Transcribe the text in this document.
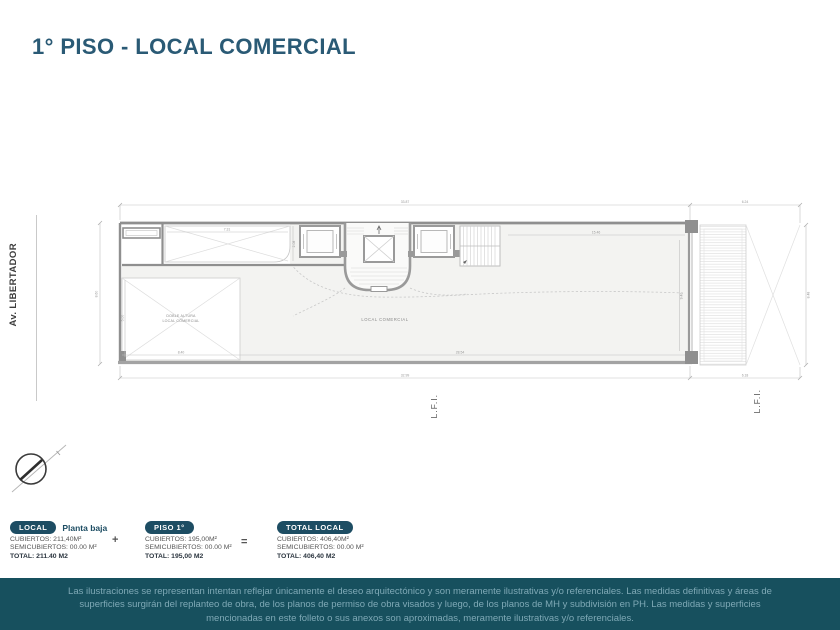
1° PISO - LOCAL COMERCIAL
Av. LIBERTADOR
33.87	6.24
8.48
32.99	6.18
8.60
8.40	28.54
7.31
2.08
5.00
15.46
9.40
DOBLE ALTURA
LOCAL COMERCIAL	LOCAL COMERCIAL
L.F.I.	L.F.I.
LOCAL	Planta baja
CUBIERTOS: 211,40M²
SEMICUBIERTOS: 00.00 M²
TOTAL: 211.40 M2
+
PISO 1°
CUBIERTOS: 195,00M²
SEMICUBIERTOS: 00.00 M²
TOTAL: 195,00 M2
=
TOTAL LOCAL
CUBIERTOS: 406,40M²
SEMICUBIERTOS: 00.00 M²
TOTAL: 406,40 M2

Las ilustraciones se representan intentan reflejar únicamente el deseo arquitectónico y son meramente ilustrativas y/o referenciales. Las medidas definitivas y áreas de superficies surgirán del replanteo de obra, de los planos de permiso de obra visados y luego, de los planos de MH y subdivisión en PH. Las medidas y superficies mencionadas en este folleto o sus anexos son aproximadas, meramente ilustrativas y/o referenciales.
